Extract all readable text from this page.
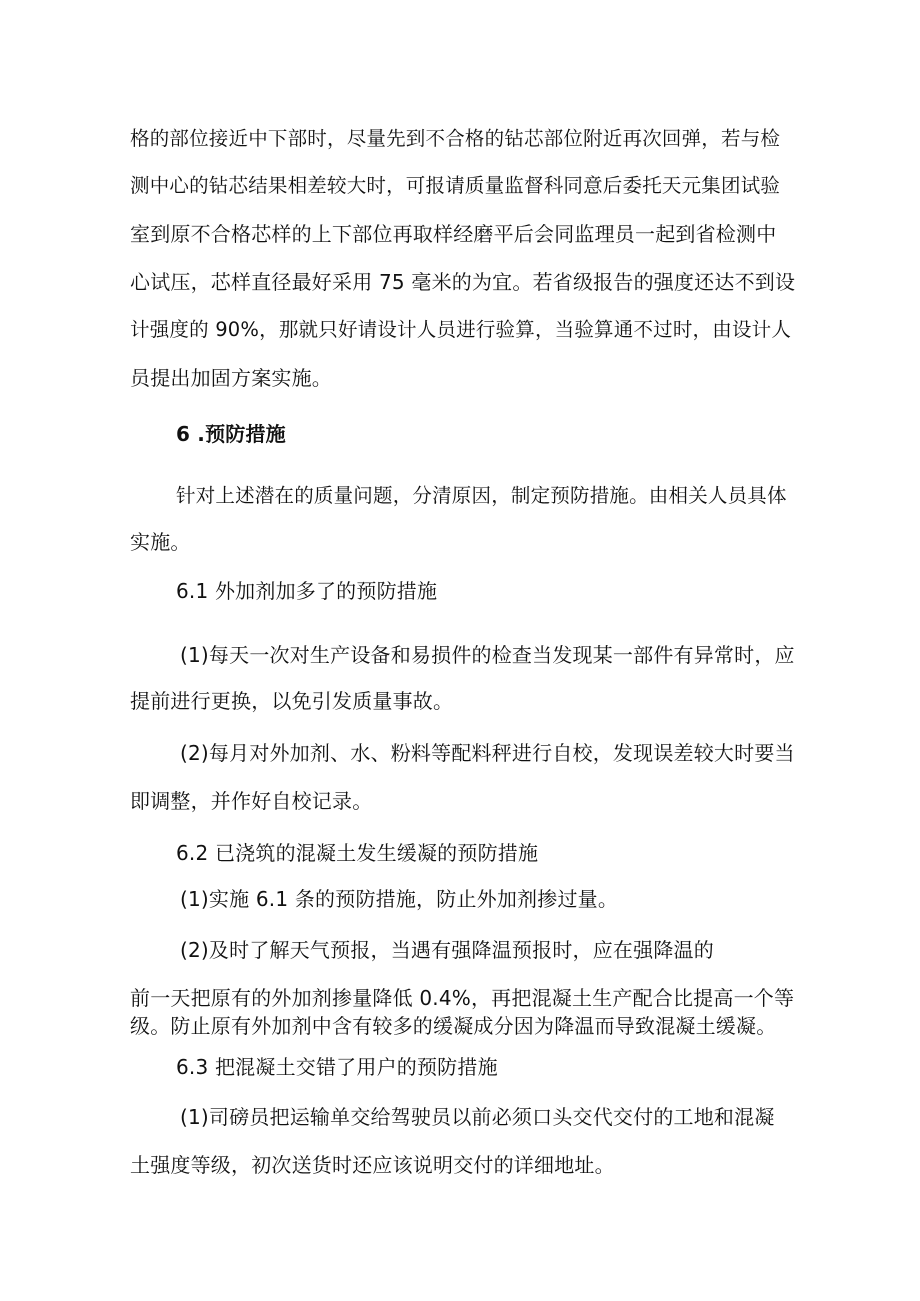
格的部位接近中下部时，尽量先到不合格的钻芯部位附近再次回弹，若与检
测中心的钻芯结果相差较大时，可报请质量监督科同意后委托天元集团试验
室到原不合格芯样的上下部位再取样经磨平后会同监理员一起到省检测中
心试压，芯样直径最好采用 75 毫米的为宜。若省级报告的强度还达不到设
计强度的 90%，那就只好请设计人员进行验算，当验算通不过时，由设计人
员提出加固方案实施。
6 .预防措施
针对上述潜在的质量问题，分清原因，制定预防措施。由相关人员具体
实施。
6.1 外加剂加多了的预防措施
(1)每天一次对生产设备和易损件的检查当发现某一部件有异常时，应
提前进行更换，以免引发质量事故。
(2)每月对外加剂、水、粉料等配料秤进行自校，发现误差较大时要当
即调整，并作好自校记录。
6.2 已浇筑的混凝土发生缓凝的预防措施
(1)实施 6.1 条的预防措施，防止外加剂掺过量。
(2)及时了解天气预报，当遇有强降温预报时，应在强降温的
前一天把原有的外加剂掺量降低 0.4%，再把混凝土生产配合比提高一个等
级。防止原有外加剂中含有较多的缓凝成分因为降温而导致混凝土缓凝。
6.3 把混凝土交错了用户的预防措施
(1)司磅员把运输单交给驾驶员以前必须口头交代交付的工地和混凝
土强度等级，初次送货时还应该说明交付的详细地址。
